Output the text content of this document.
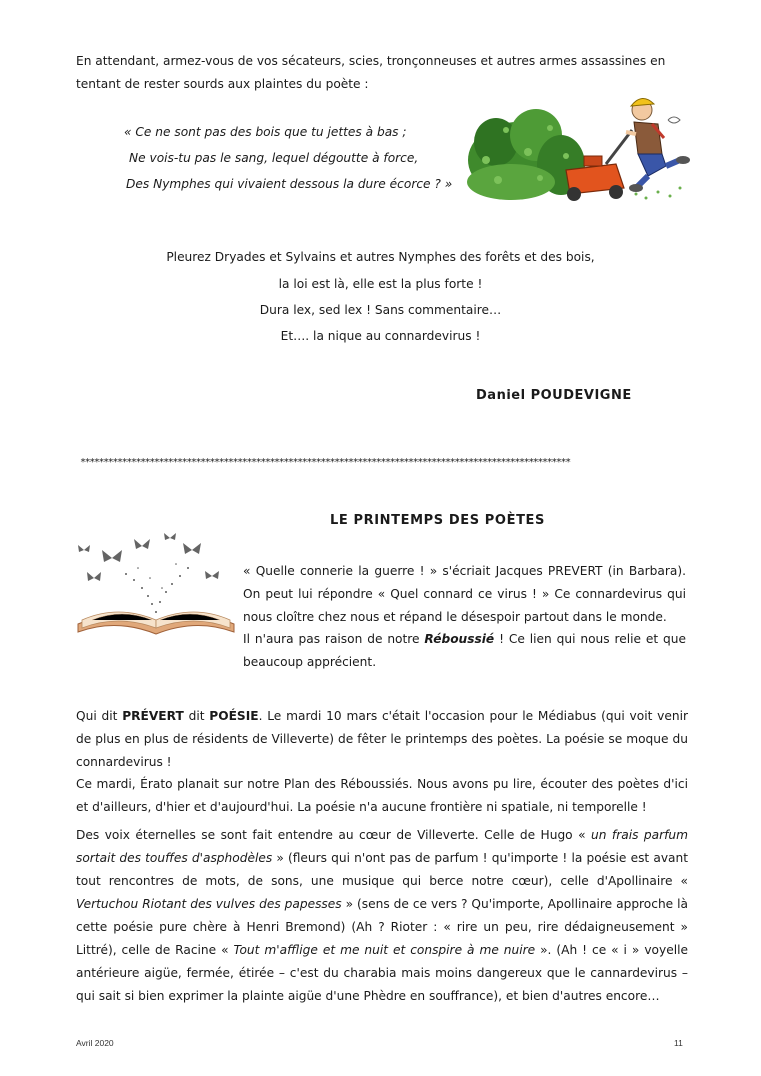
En attendant, armez-vous de vos sécateurs, scies, tronçonneuses et autres armes assassines en tentant de rester sourds aux plaintes du poète :

« Ce ne sont pas des bois que tu jettes à bas ;

Ne vois-tu pas le sang, lequel dégoutte à force,

Des Nymphes qui vivaient dessous la dure écorce ? »

Pleurez Dryades et Sylvains et autres Nymphes des forêts et des bois,

la loi est là, elle est la plus forte !

Dura lex, sed lex ! Sans commentaire…

Et…. la nique au connardevirus !

Daniel POUDEVIGNE

**********************************************************************************************************
LE PRINTEMPS DES POÈTES

« Quelle connerie la guerre ! » s'écriait Jacques PREVERT (in Barbara). On peut lui répondre « Quel connard ce virus ! » Ce connardevirus qui nous cloître chez nous et répand le désespoir partout dans le monde.

Il n'aura pas raison de notre Réboussié ! Ce lien qui nous relie et que beaucoup apprécient.

Qui dit PRÉVERT dit POÉSIE. Le mardi 10 mars c'était l'occasion pour le Médiabus (qui voit venir de plus en plus de résidents de Villeverte) de fêter le printemps des poètes. La poésie se moque du connardevirus !

Ce mardi, Érato planait sur notre Plan des Réboussiés. Nous avons pu lire, écouter des poètes d'ici et d'ailleurs, d'hier et d'aujourd'hui. La poésie n'a aucune frontière ni spatiale, ni temporelle !

Des voix éternelles se sont fait entendre au cœur de Villeverte. Celle de Hugo « un frais parfum sortait des touffes d'asphodèles » (fleurs qui n'ont pas de parfum ! qu'importe ! la poésie est avant tout rencontres de mots, de sons, une musique qui berce notre cœur), celle d'Apollinaire « Vertuchou Riotant des vulves des papesses » (sens de ce vers ? Qu'importe, Apollinaire approche là cette poésie pure chère à Henri Bremond) (Ah ? Rioter : « rire un peu, rire dédaigneusement » Littré), celle de Racine « Tout m'afflige et me nuit et conspire à me nuire ». (Ah ! ce « i » voyelle antérieure aigüe, fermée, étirée – c'est du charabia mais moins dangereux que le cannardevirus – qui sait si bien exprimer la plainte aigüe d'une Phèdre en souffrance), et bien d'autres encore…

Avril 2020	11
